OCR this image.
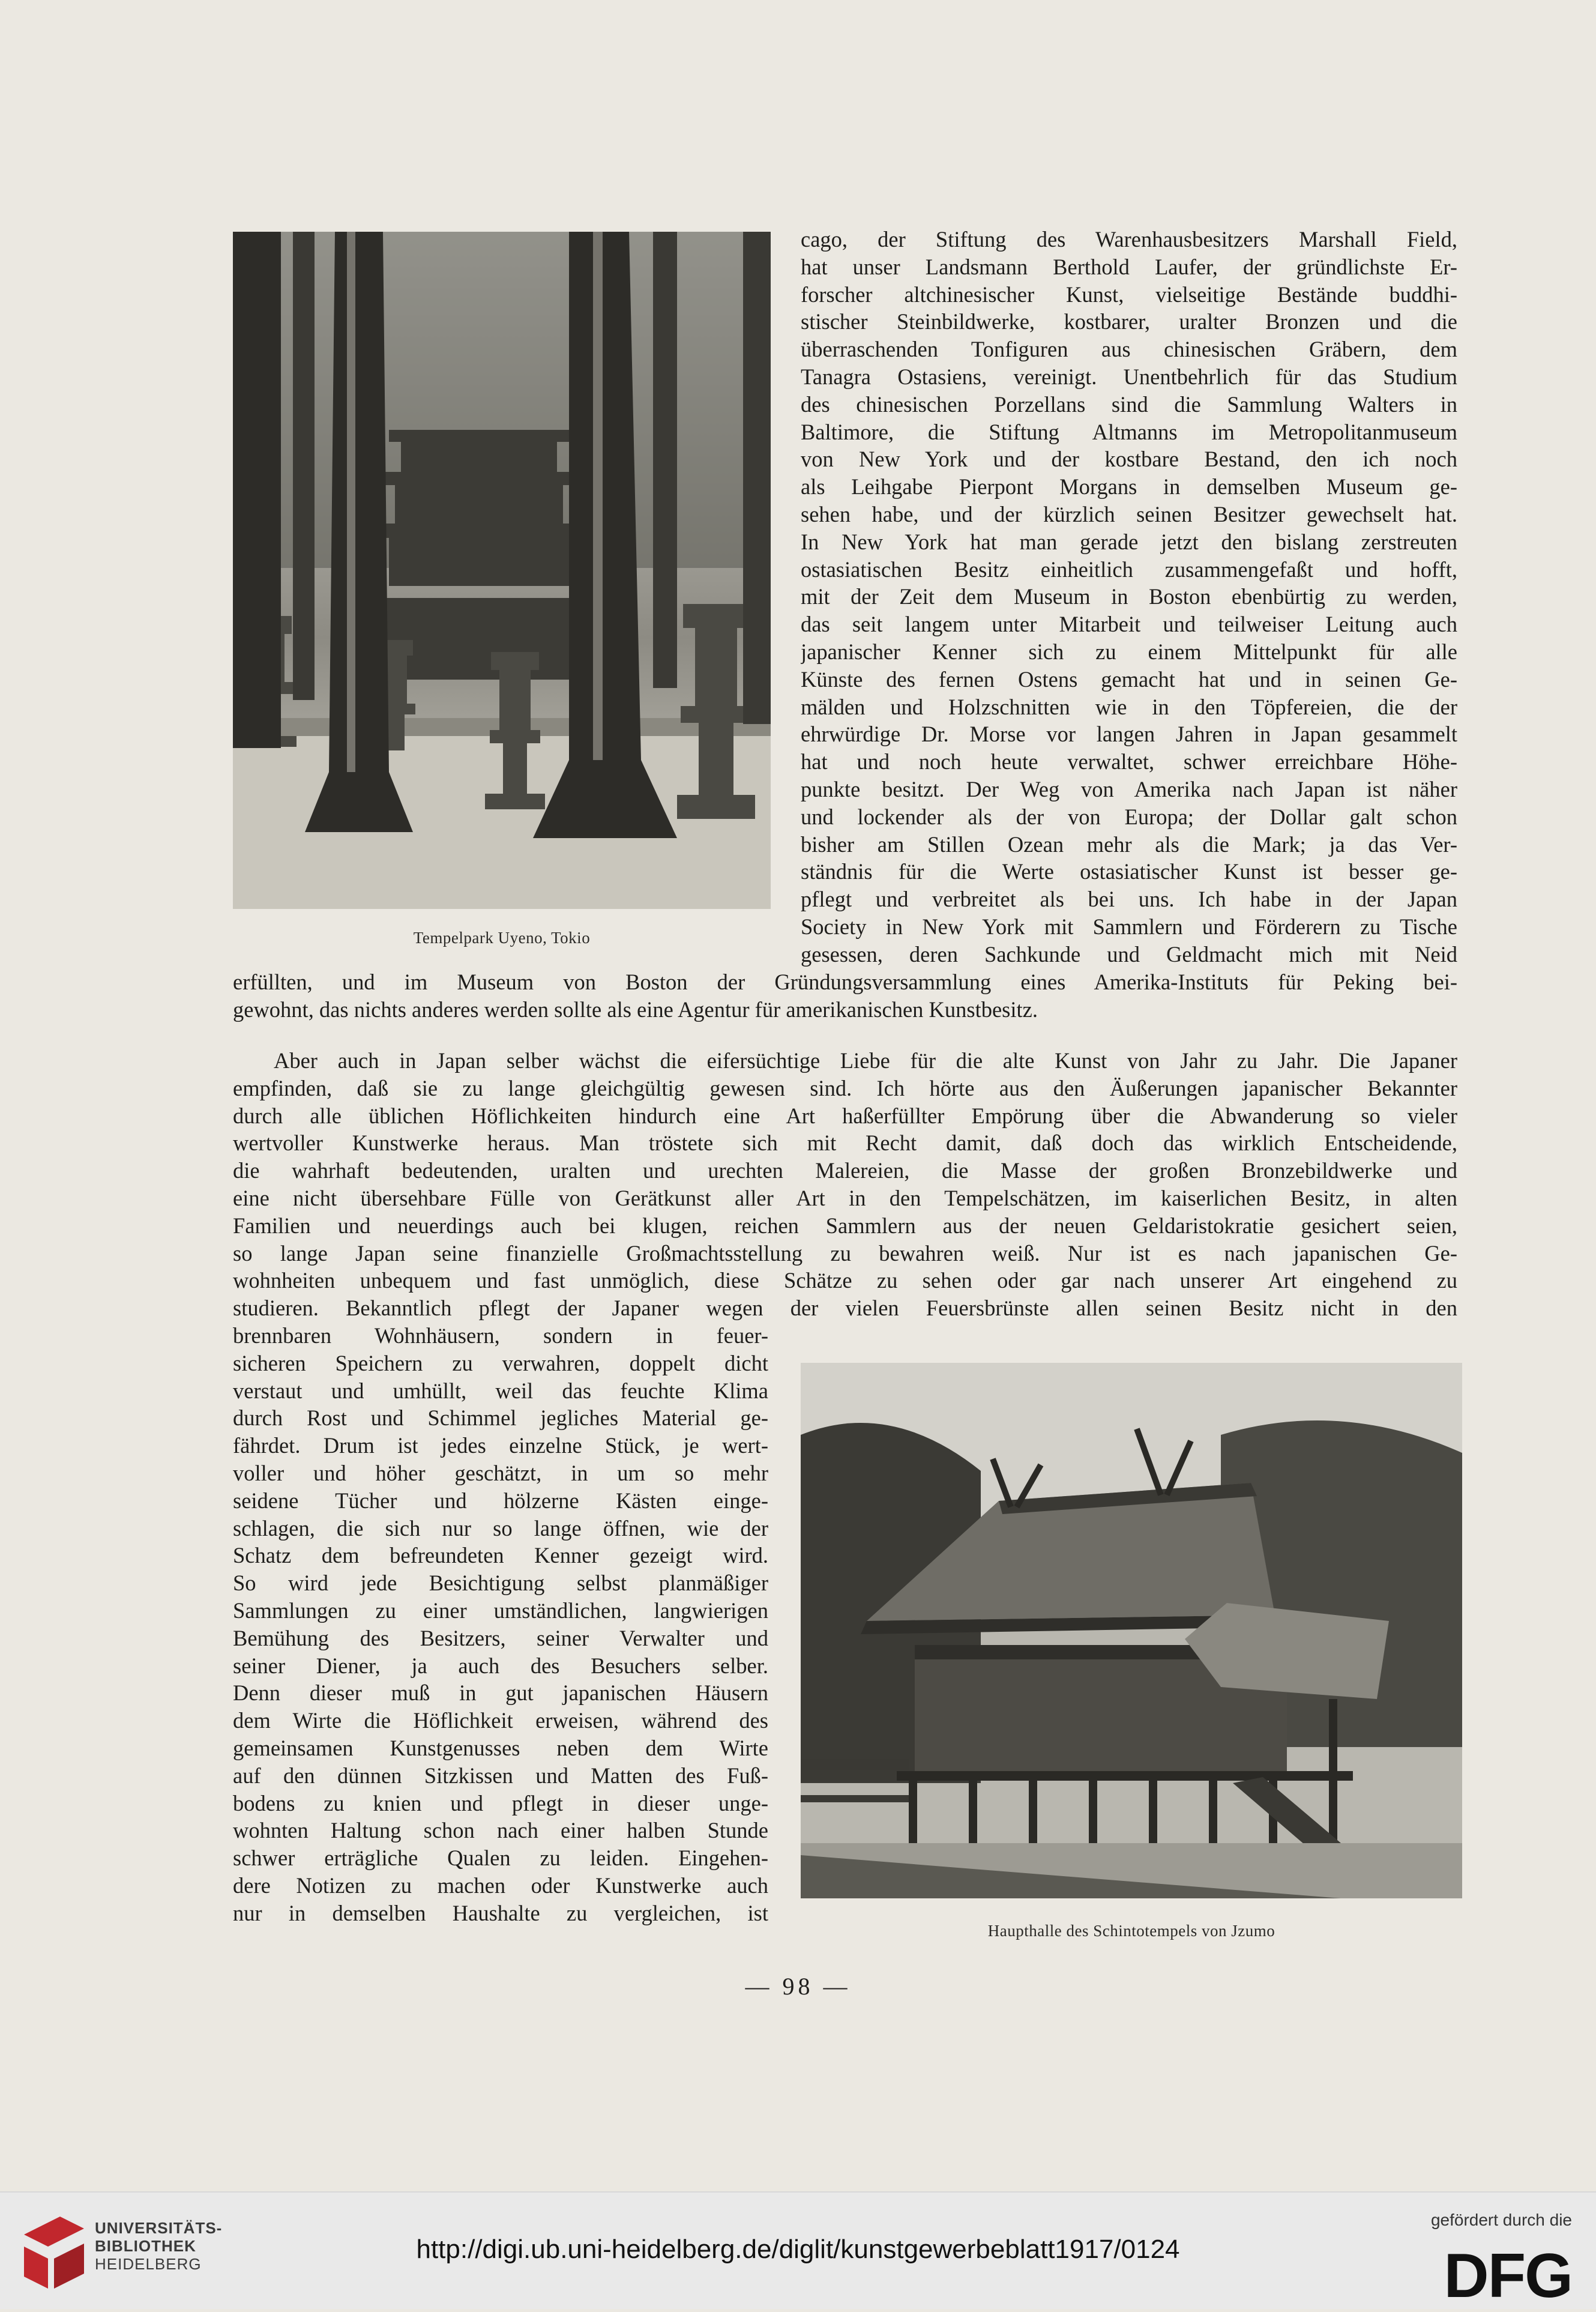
Tempelpark Uyeno, Tokio
cago, der Stiftung des Warenhausbesitzers Marshall Field,
hat unser Landsmann Berthold Laufer, der gründlichste Er-
forscher altchinesischer Kunst, vielseitige Bestände buddhi-
stischer Steinbildwerke, kostbarer, uralter Bronzen und die
überraschenden Tonfiguren aus chinesischen Gräbern, dem
Tanagra Ostasiens, vereinigt. Unentbehrlich für das Studium
des chinesischen Porzellans sind die Sammlung Walters in
Baltimore, die Stiftung Altmanns im Metropolitanmuseum
von New York und der kostbare Bestand, den ich noch
als Leihgabe Pierpont Morgans in demselben Museum ge-
sehen habe, und der kürzlich seinen Besitzer gewechselt hat.
In New York hat man gerade jetzt den bislang zerstreuten
ostasiatischen Besitz einheitlich zusammengefaßt und hofft,
mit der Zeit dem Museum in Boston ebenbürtig zu werden,
das seit langem unter Mitarbeit und teilweiser Leitung auch
japanischer Kenner sich zu einem Mittelpunkt für alle
Künste des fernen Ostens gemacht hat und in seinen Ge-
mälden und Holzschnitten wie in den Töpfereien, die der
ehrwürdige Dr. Morse vor langen Jahren in Japan gesammelt
hat und noch heute verwaltet, schwer erreichbare Höhe-
punkte besitzt. Der Weg von Amerika nach Japan ist näher
und lockender als der von Europa; der Dollar galt schon
bisher am Stillen Ozean mehr als die Mark; ja das Ver-
ständnis für die Werte ostasiatischer Kunst ist besser ge-
pflegt und verbreitet als bei uns. Ich habe in der Japan
Society in New York mit Sammlern und Förderern zu Tische
gesessen, deren Sachkunde und Geldmacht mich mit Neid
erfüllten, und im Museum von Boston der Gründungsversammlung eines Amerika-Instituts für Peking bei-
gewohnt, das nichts anderes werden sollte als eine Agentur für amerikanischen Kunstbesitz.
Aber auch in Japan selber wächst die eifersüchtige Liebe für die alte Kunst von Jahr zu Jahr. Die Japaner
empfinden, daß sie zu lange gleichgültig gewesen sind. Ich hörte aus den Äußerungen japanischer Bekannter
durch alle üblichen Höflichkeiten hindurch eine Art haßerfüllter Empörung über die Abwanderung so vieler
wertvoller Kunstwerke heraus. Man tröstete sich mit Recht damit, daß doch das wirklich Entscheidende,
die wahrhaft bedeutenden, uralten und urechten Malereien, die Masse der großen Bronzebildwerke und
eine nicht übersehbare Fülle von Gerätkunst aller Art in den Tempelschätzen, im kaiserlichen Besitz, in alten
Familien und neuerdings auch bei klugen, reichen Sammlern aus der neuen Geldaristokratie gesichert seien,
so lange Japan seine finanzielle Großmachtsstellung zu bewahren weiß. Nur ist es nach japanischen Ge-
wohnheiten unbequem und fast unmöglich, diese Schätze zu sehen oder gar nach unserer Art eingehend zu
studieren. Bekanntlich pflegt der Japaner wegen der vielen Feuersbrünste allen seinen Besitz nicht in den
brennbaren Wohnhäusern, sondern in feuer-
sicheren Speichern zu verwahren, doppelt dicht
verstaut und umhüllt, weil das feuchte Klima
durch Rost und Schimmel jegliches Material ge-
fährdet. Drum ist jedes einzelne Stück, je wert-
voller und höher geschätzt, in um so mehr
seidene Tücher und hölzerne Kästen einge-
schlagen, die sich nur so lange öffnen, wie der
Schatz dem befreundeten Kenner gezeigt wird.
So wird jede Besichtigung selbst planmäßiger
Sammlungen zu einer umständlichen, langwierigen
Bemühung des Besitzers, seiner Verwalter und
seiner Diener, ja auch des Besuchers selber.
Denn dieser muß in gut japanischen Häusern
dem Wirte die Höflichkeit erweisen, während des
gemeinsamen Kunstgenusses neben dem Wirte
auf den dünnen Sitzkissen und Matten des Fuß-
bodens zu knien und pflegt in dieser unge-
wohnten Haltung schon nach einer halben Stunde
schwer erträgliche Qualen zu leiden. Eingehen-
dere Notizen zu machen oder Kunstwerke auch
nur in demselben Haushalte zu vergleichen, ist
Haupthalle des Schintotempels von Jzumo
— 98 —
UNIVERSITÄTS-
BIBLIOTHEK
HEIDELBERG	http://digi.ub.uni-heidelberg.de/diglit/kunstgewerbeblatt1917/0124
gefördert durch die
DFG
